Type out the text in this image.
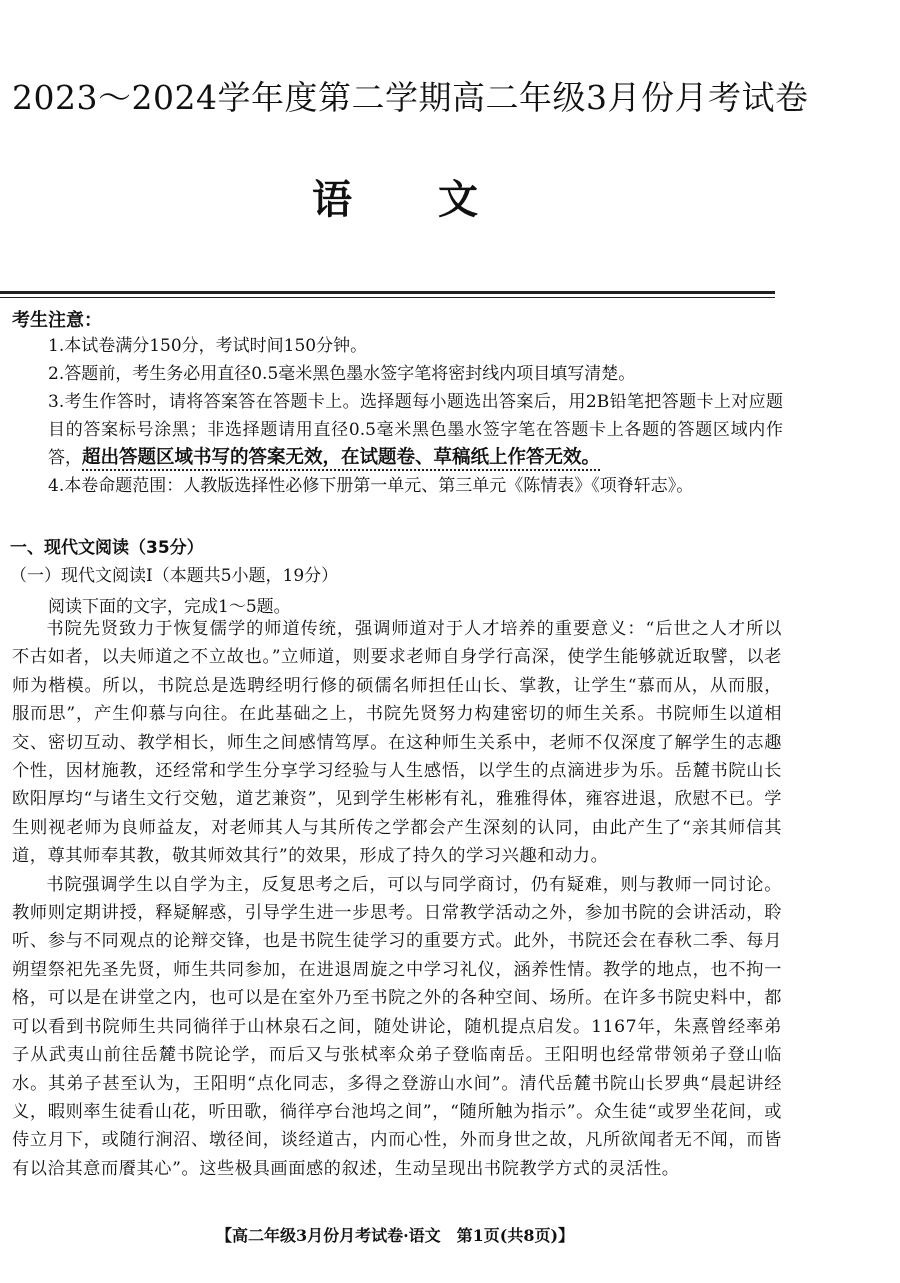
2023～2024学年度第二学期高二年级3月份月考试卷
语文
考生注意：
1.本试卷满分150分，考试时间150分钟。
2.答题前，考生务必用直径0.5毫米黑色墨水签字笔将密封线内项目填写清楚。
3.考生作答时，请将答案答在答题卡上。选择题每小题选出答案后，用2B铅笔把答题卡上对应题目的答案标号涂黑；非选择题请用直径0.5毫米黑色墨水签字笔在答题卡上各题的答题区域内作答，超出答题区域书写的答案无效，在试题卷、草稿纸上作答无效。
4.本卷命题范围：人教版选择性必修下册第一单元、第三单元《陈情表》《项脊轩志》。
一、现代文阅读（35分）
（一）现代文阅读Ⅰ（本题共5小题，19分）
阅读下面的文字，完成1～5题。

书院先贤致力于恢复儒学的师道传统，强调师道对于人才培养的重要意义：“后世之人才所以不古如者，以夫师道之不立故也。”立师道，则要求老师自身学行高深，使学生能够就近取譬，以老师为楷模。所以，书院总是选聘经明行修的硕儒名师担任山长、掌教，让学生“慕而从，从而服，服而思”，产生仰慕与向往。在此基础之上，书院先贤努力构建密切的师生关系。书院师生以道相交、密切互动、教学相长，师生之间感情笃厚。在这种师生关系中，老师不仅深度了解学生的志趣个性，因材施教，还经常和学生分享学习经验与人生感悟，以学生的点滴进步为乐。岳麓书院山长欧阳厚均“与诸生文行交勉，道艺兼资”，见到学生彬彬有礼，雅雅得体，雍容进退，欣慰不已。学生则视老师为良师益友，对老师其人与其所传之学都会产生深刻的认同，由此产生了“亲其师信其道，尊其师奉其教，敬其师效其行”的效果，形成了持久的学习兴趣和动力。

书院强调学生以自学为主，反复思考之后，可以与同学商讨，仍有疑难，则与教师一同讨论。教师则定期讲授，释疑解惑，引导学生进一步思考。日常教学活动之外，参加书院的会讲活动，聆听、参与不同观点的论辩交锋，也是书院生徒学习的重要方式。此外，书院还会在春秋二季、每月朔望祭祀先圣先贤，师生共同参加，在进退周旋之中学习礼仪，涵养性情。教学的地点，也不拘一格，可以是在讲堂之内，也可以是在室外乃至书院之外的各种空间、场所。在许多书院史料中，都可以看到书院师生共同徜徉于山林泉石之间，随处讲论，随机提点启发。1167年，朱熹曾经率弟子从武夷山前往岳麓书院论学，而后又与张栻率众弟子登临南岳。王阳明也经常带领弟子登山临水。其弟子甚至认为，王阳明“点化同志，多得之登游山水间”。清代岳麓书院山长罗典“晨起讲经义，暇则率生徒看山花，听田歌，徜徉亭台池坞之间”，“随所触为指示”。众生徒“或罗坐花间，或侍立月下，或随行涧沼、墩径间，谈经道古，内而心性，外而身世之故，凡所欲闻者无不闻，而皆有以洽其意而餍其心”。这些极具画面感的叙述，生动呈现出书院教学方式的灵活性。

【高二年级3月份月考试卷·语文　第1页(共8页)】
